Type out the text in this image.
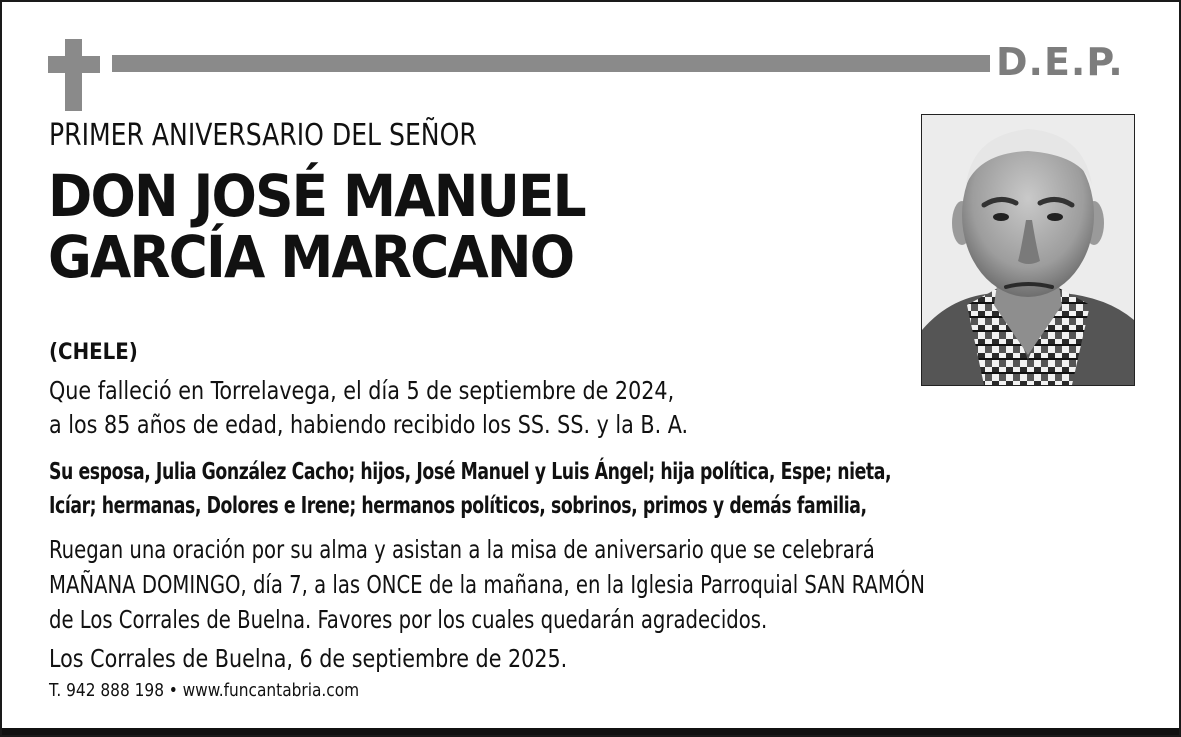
D.E.P.
PRIMER ANIVERSARIO DEL SEÑOR
DON JOSÉ MANUEL
GARCÍA MARCANO
(CHELE)
Que falleció en Torrelavega, el día 5 de septiembre de 2024,
a los 85 años de edad, habiendo recibido los SS. SS. y la B. A.
Su esposa, Julia González Cacho; hijos, José Manuel y Luis Ángel; hija política, Espe; nieta,
Icíar; hermanas, Dolores e Irene; hermanos políticos, sobrinos, primos y demás familia,
Ruegan una oración por su alma y asistan a la misa de aniversario que se celebrará
MAÑANA DOMINGO, día 7, a las ONCE de la mañana, en la Iglesia Parroquial SAN RAMÓN
de Los Corrales de Buelna. Favores por los cuales quedarán agradecidos.
Los Corrales de Buelna, 6 de septiembre de 2025.
T. 942 888 198 • www.funcantabria.com
